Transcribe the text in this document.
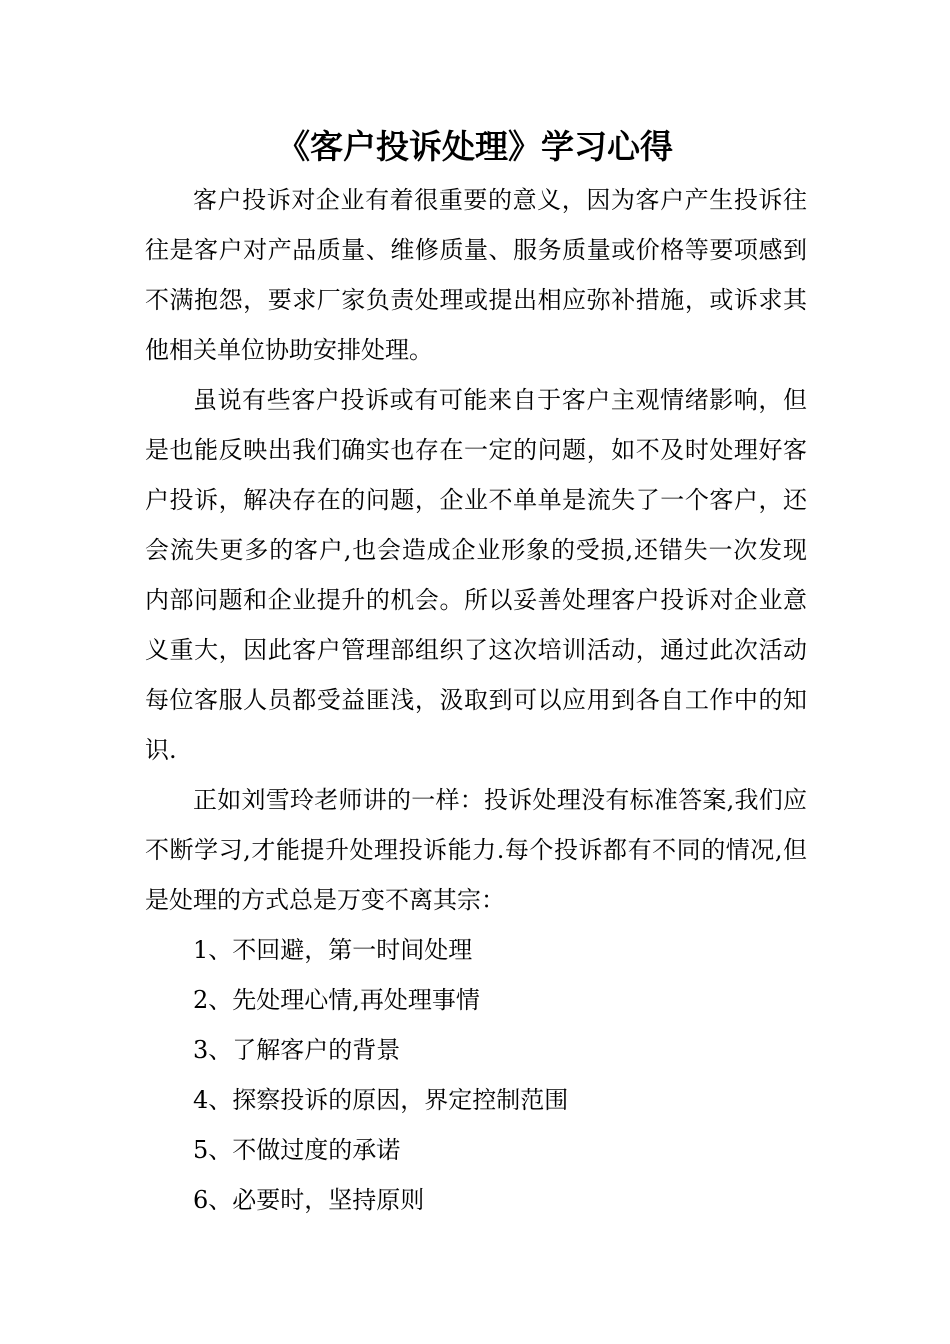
《客户投诉处理》学习心得

客户投诉对企业有着很重要的意义，因为客户产生投诉往往是客户对产品质量、维修质量、服务质量或价格等要项感到不满抱怨，要求厂家负责处理或提出相应弥补措施，或诉求其他相关单位协助安排处理。

虽说有些客户投诉或有可能来自于客户主观情绪影响，但是也能反映出我们确实也存在一定的问题，如不及时处理好客户投诉，解决存在的问题，企业不单单是流失了一个客户，还会流失更多的客户,也会造成企业形象的受损,还错失一次发现内部问题和企业提升的机会。所以妥善处理客户投诉对企业意义重大，因此客户管理部组织了这次培训活动，通过此次活动每位客服人员都受益匪浅，汲取到可以应用到各自工作中的知识.

正如刘雪玲老师讲的一样：投诉处理没有标准答案,我们应不断学习,才能提升处理投诉能力.每个投诉都有不同的情况,但是处理的方式总是万变不离其宗：

1、不回避，第一时间处理
2、先处理心情,再处理事情
3、了解客户的背景
4、探察投诉的原因，界定控制范围
5、不做过度的承诺
6、必要时，坚持原则
